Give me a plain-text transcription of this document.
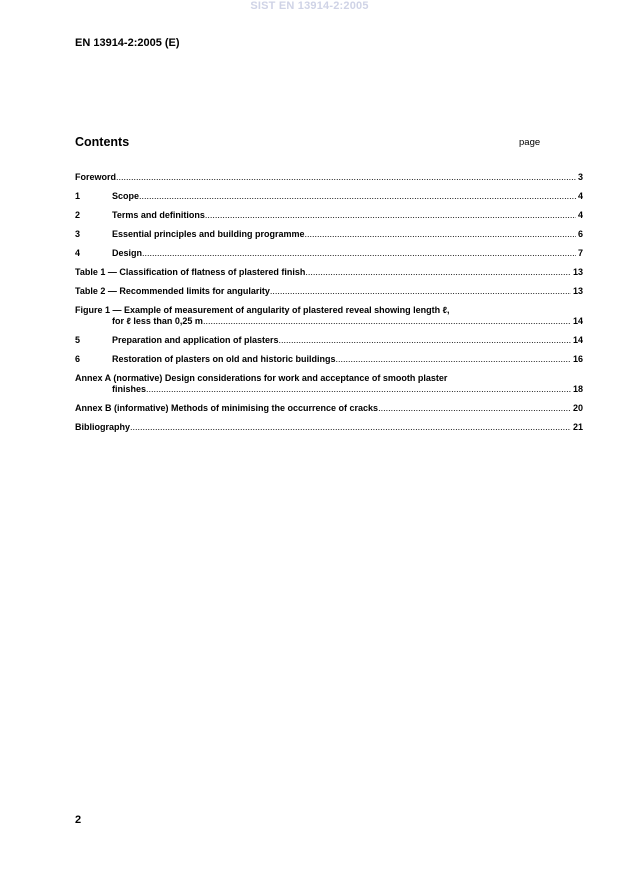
SIST EN 13914-2:2005
EN 13914-2:2005 (E)
Contents	page
Foreword .....	3
1	Scope .....	4
2	Terms and definitions .....	4
3	Essential principles and building programme .....	6
4	Design .....	7
Table 1 — Classification of flatness of plastered finish .....	13
Table 2 — Recommended limits for angularity .....	13
Figure 1 — Example of measurement of angularity of plastered reveal showing length ℓ,
for ℓ less than 0,25 m .....	14
5	Preparation and application of plasters .....	14
6	Restoration of plasters on old and historic buildings .....	16
Annex A (normative) Design considerations for work and acceptance of smooth plaster
finishes .....	18
Annex B (informative) Methods of minimising the occurrence of cracks .....	20
Bibliography .....	21
2
